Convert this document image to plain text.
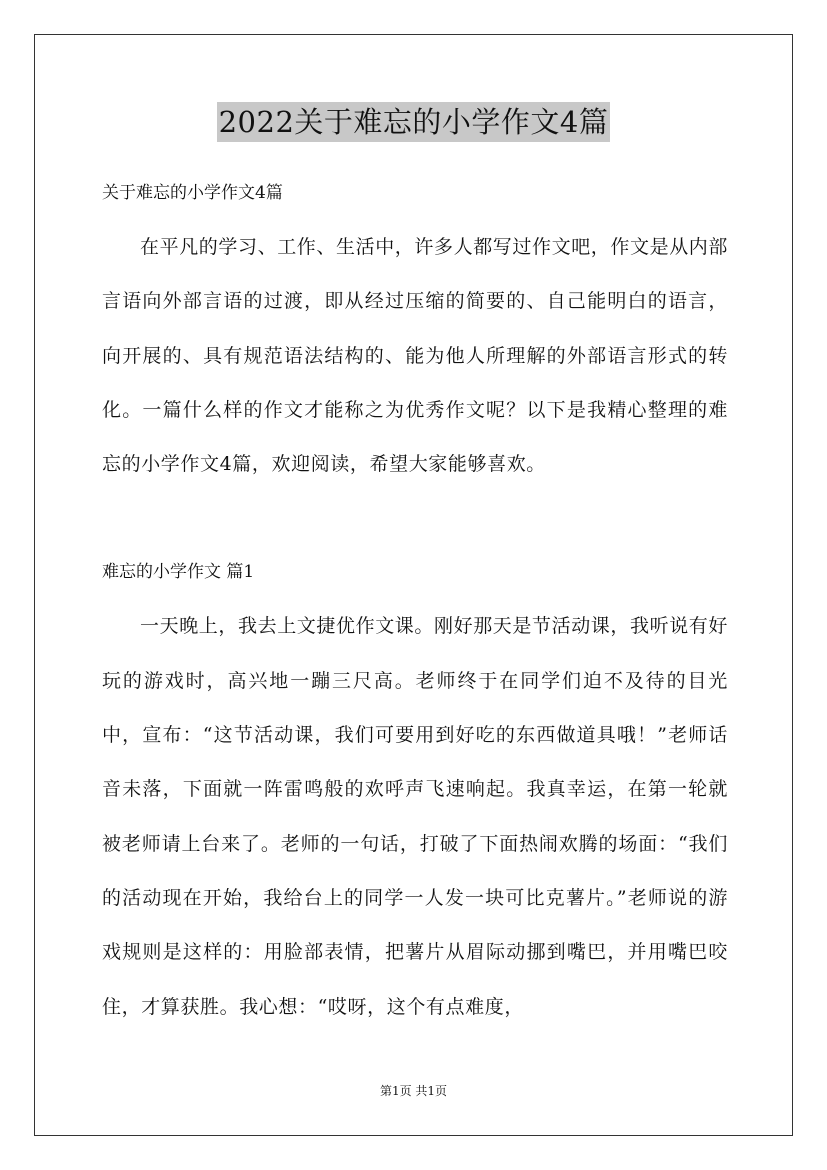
2022关于难忘的小学作文4篇

关于难忘的小学作文4篇

在平凡的学习、工作、生活中，许多人都写过作文吧，作文是从内部言语向外部言语的过渡，即从经过压缩的简要的、自己能明白的语言，向开展的、具有规范语法结构的、能为他人所理解的外部语言形式的转化。一篇什么样的作文才能称之为优秀作文呢？以下是我精心整理的难忘的小学作文4篇，欢迎阅读，希望大家能够喜欢。

难忘的小学作文 篇1

一天晚上，我去上文捷优作文课。刚好那天是节活动课，我听说有好玩的游戏时，高兴地一蹦三尺高。老师终于在同学们迫不及待的目光中，宣布：“这节活动课，我们可要用到好吃的东西做道具哦！”老师话音未落，下面就一阵雷鸣般的欢呼声飞速响起。我真幸运，在第一轮就被老师请上台来了。老师的一句话，打破了下面热闹欢腾的场面：“我们的活动现在开始，我给台上的同学一人发一块可比克薯片。”老师说的游戏规则是这样的：用脸部表情，把薯片从眉际动挪到嘴巴，并用嘴巴咬住，才算获胜。我心想：“哎呀，这个有点难度，

第1页 共1页
